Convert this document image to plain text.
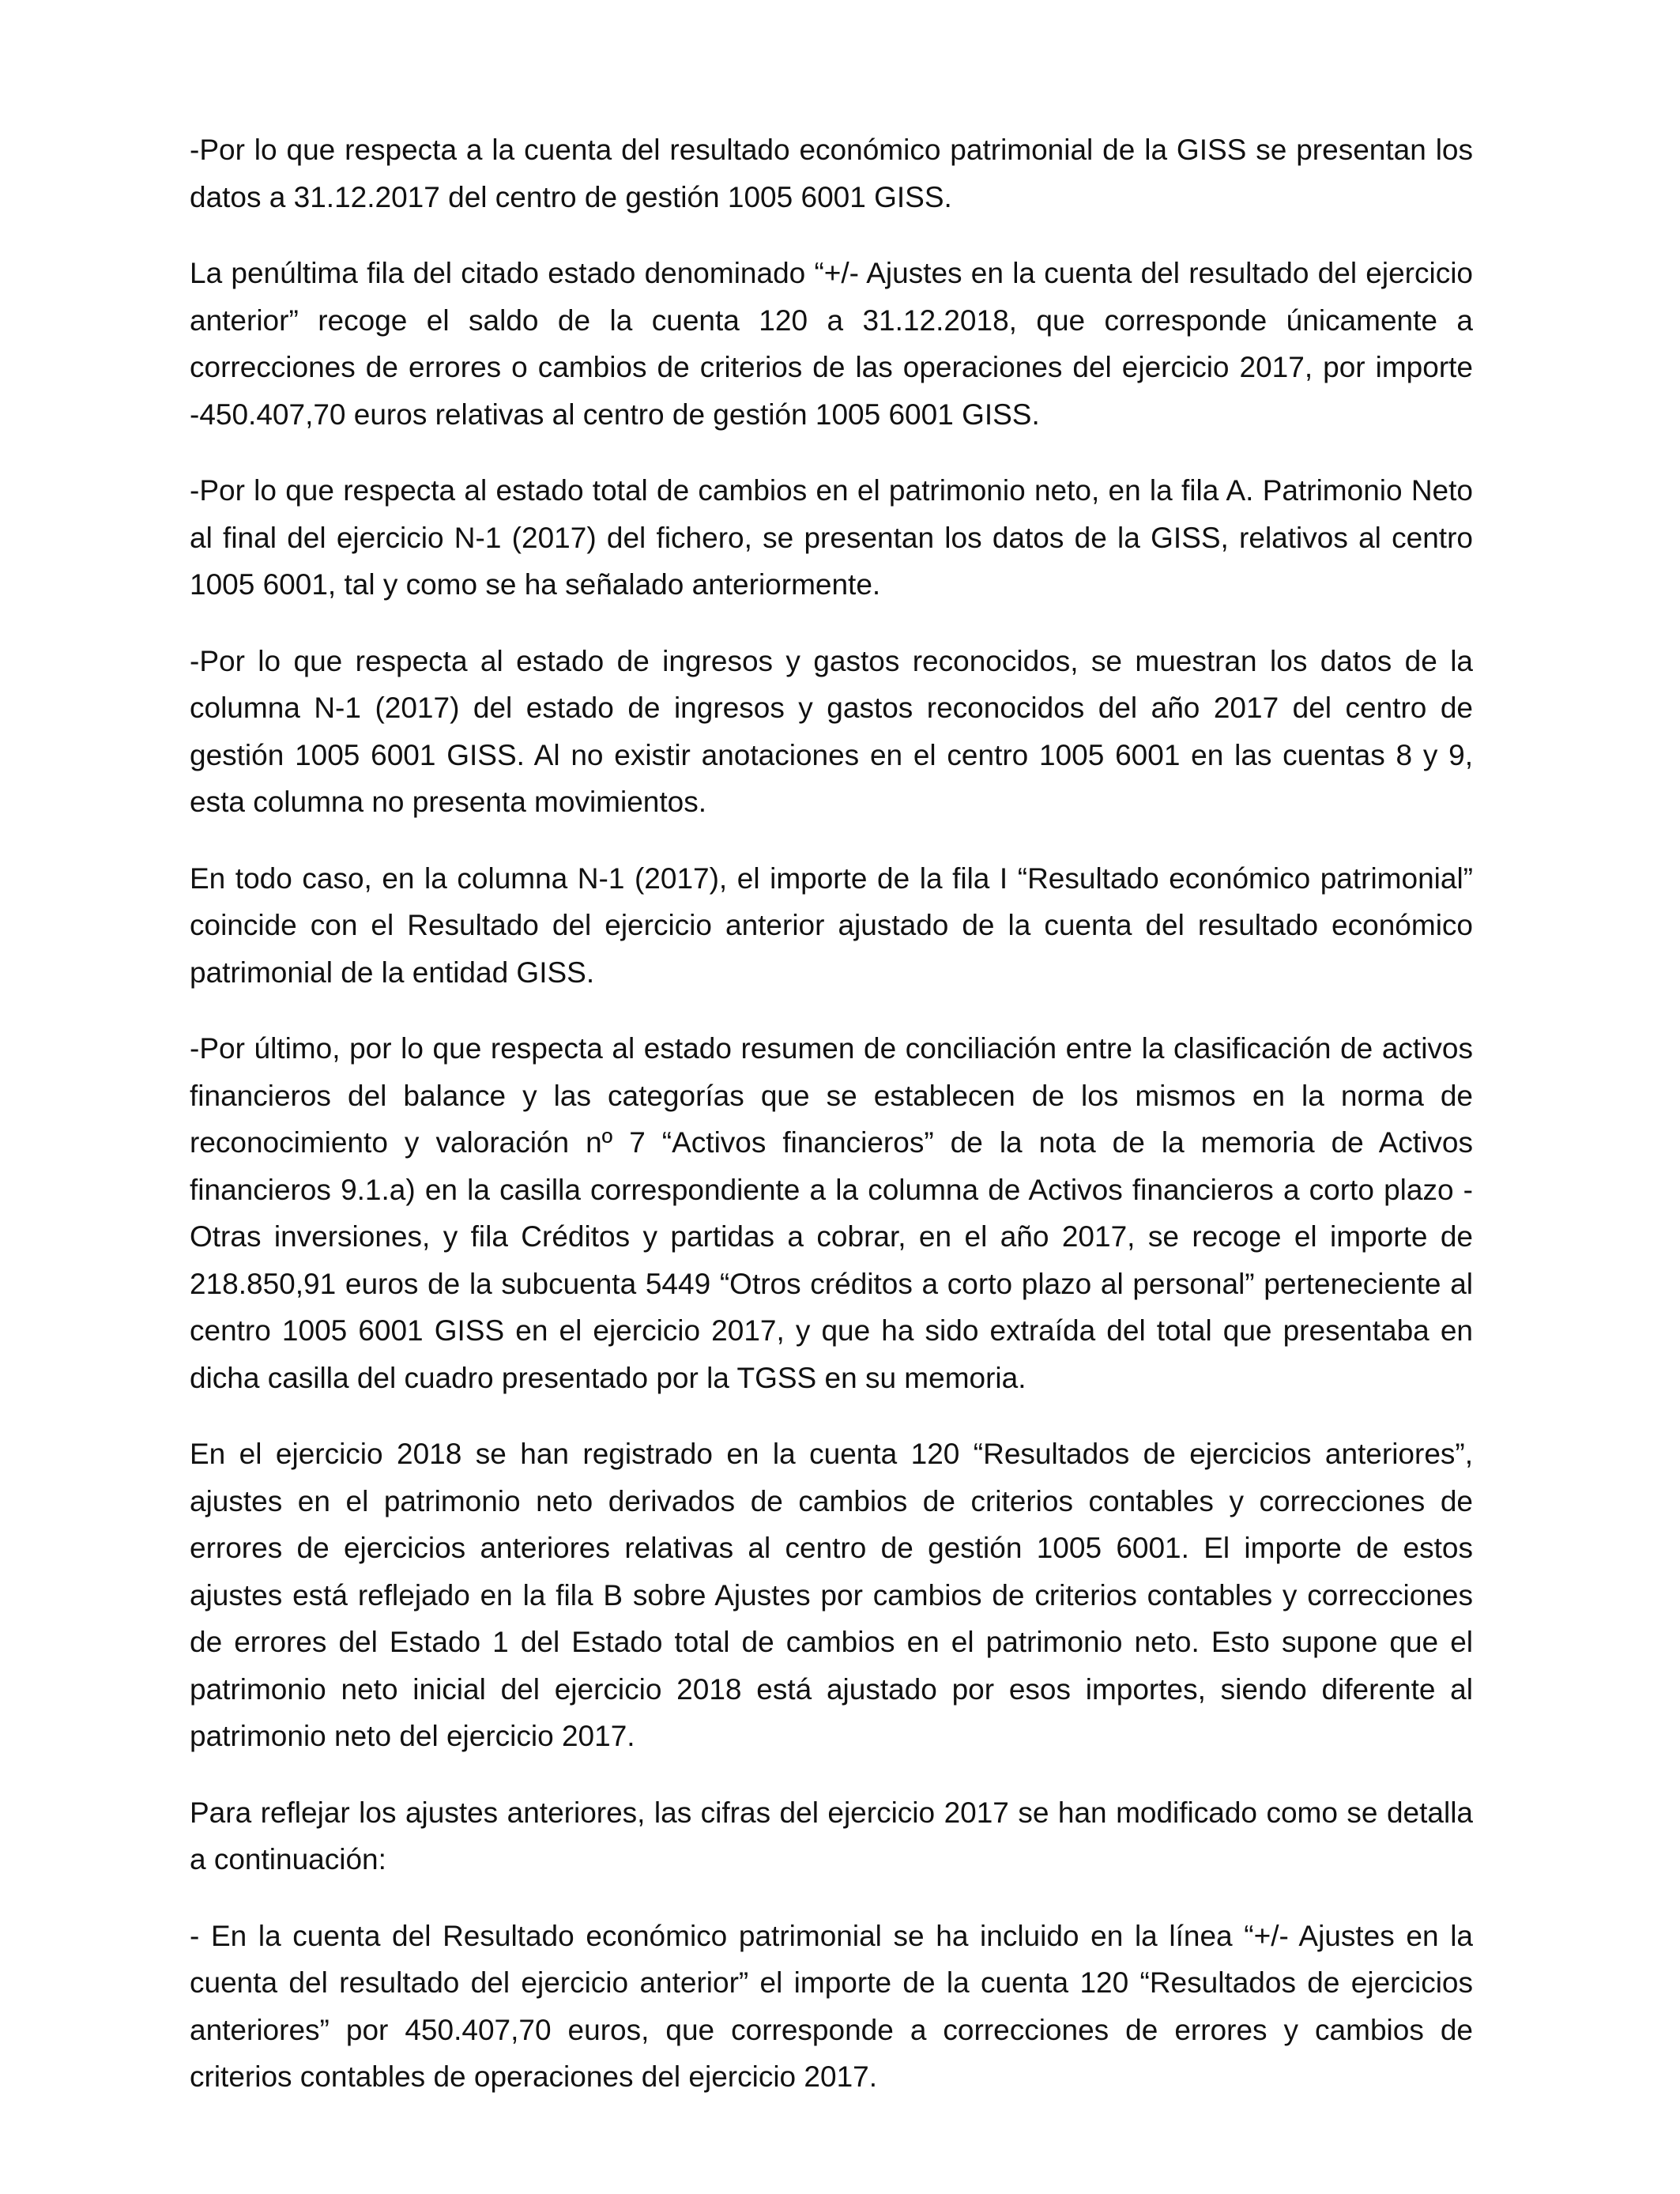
-Por lo que respecta a la cuenta del resultado económico patrimonial de la GISS se presentan los datos a 31.12.2017 del centro de gestión 1005 6001 GISS.

La penúltima fila del citado estado denominado “+/- Ajustes en la cuenta del resultado del ejercicio anterior” recoge el saldo de la cuenta 120 a 31.12.2018, que corresponde únicamente a correcciones de errores o cambios de criterios de las operaciones del ejercicio 2017, por importe -450.407,70 euros relativas al centro de gestión 1005 6001 GISS.

-Por lo que respecta al estado total de cambios en el patrimonio neto, en la fila A. Patrimonio Neto al final del ejercicio N-1 (2017) del fichero, se presentan los datos de la GISS, relativos al centro 1005 6001, tal y como se ha señalado anteriormente.

-Por lo que respecta al estado de ingresos y gastos reconocidos, se muestran los datos de la columna N-1 (2017) del estado de ingresos y gastos reconocidos del año 2017 del centro de gestión 1005 6001 GISS. Al no existir anotaciones en el centro 1005 6001 en las cuentas 8 y 9, esta columna no presenta movimientos.

En todo caso, en la columna N-1 (2017), el importe de la fila I “Resultado económico patrimonial” coincide con el Resultado del ejercicio anterior ajustado de la cuenta del resultado económico patrimonial de la entidad GISS.

-Por último, por lo que respecta al estado resumen de conciliación entre la clasificación de activos financieros del balance y las categorías que se establecen de los mismos en la norma de reconocimiento y valoración nº 7 “Activos financieros” de la nota de la memoria de Activos financieros 9.1.a) en la casilla correspondiente a la columna de Activos financieros a corto plazo - Otras inversiones, y fila Créditos y partidas a cobrar, en el año 2017, se recoge el importe de 218.850,91 euros de la subcuenta 5449 “Otros créditos a corto plazo al personal” perteneciente al centro 1005 6001 GISS en el ejercicio 2017, y que ha sido extraída del total que presentaba en dicha casilla del cuadro presentado por la TGSS en su memoria.

En el ejercicio 2018 se han registrado en la cuenta 120 “Resultados de ejercicios anteriores”, ajustes en el patrimonio neto derivados de cambios de criterios contables y correcciones de errores de ejercicios anteriores relativas al centro de gestión 1005 6001. El importe de estos ajustes está reflejado en la fila B sobre Ajustes por cambios de criterios contables y correcciones de errores del Estado 1 del Estado total de cambios en el patrimonio neto. Esto supone que el patrimonio neto inicial del ejercicio 2018 está ajustado por esos importes, siendo diferente al patrimonio neto del ejercicio 2017.

Para reflejar los ajustes anteriores, las cifras del ejercicio 2017 se han modificado como se detalla a continuación:

- En la cuenta del Resultado económico patrimonial se ha incluido en la línea “+/- Ajustes en la cuenta del resultado del ejercicio anterior” el importe de la cuenta 120 “Resultados de ejercicios anteriores” por 450.407,70 euros, que corresponde a correcciones de errores y cambios de criterios contables de operaciones del ejercicio 2017.
